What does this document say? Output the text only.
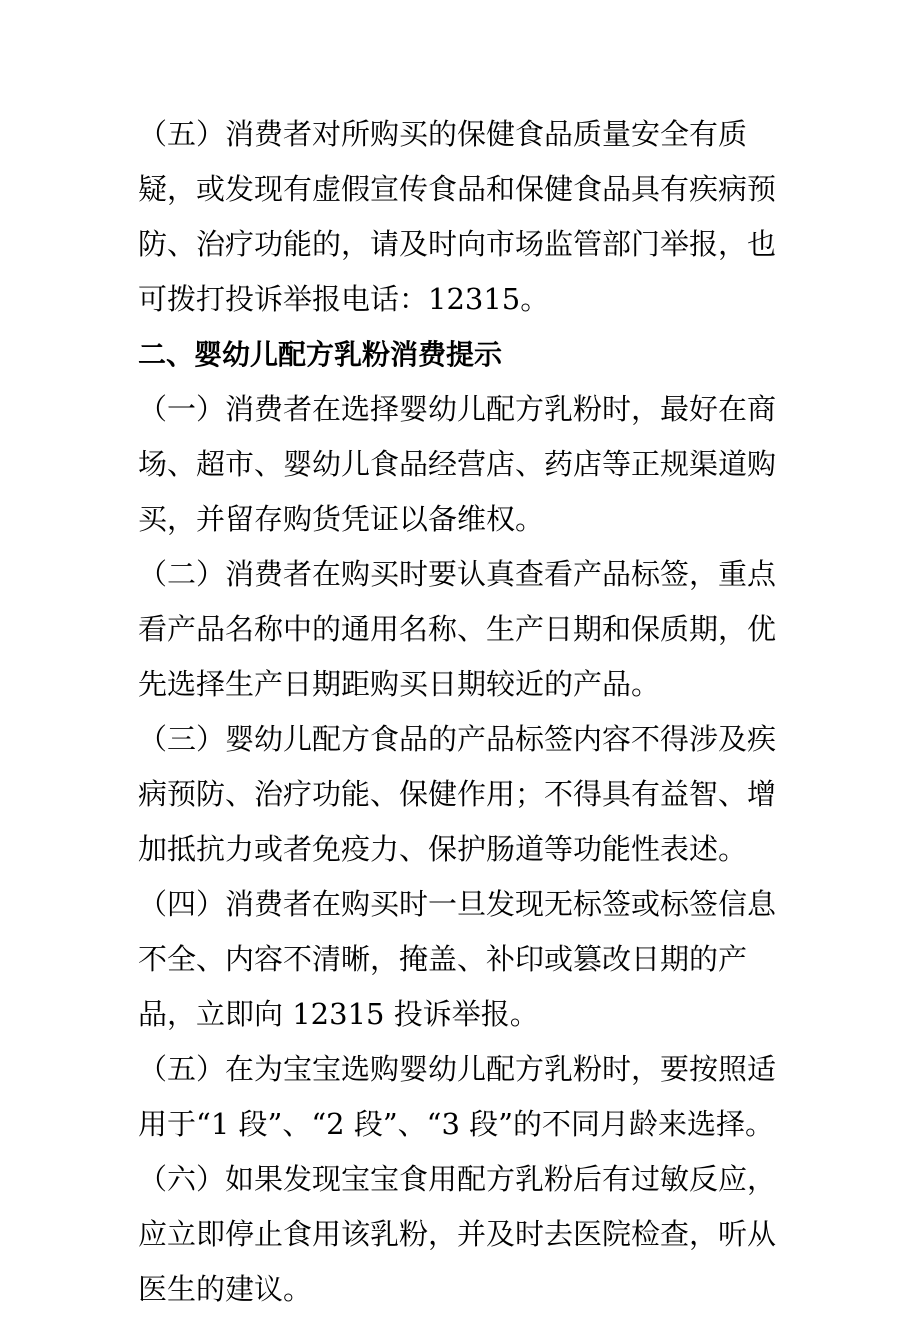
（五）消费者对所购买的保健食品质量安全有质疑，或发现有虚假宣传食品和保健食品具有疾病预防、治疗功能的，请及时向市场监管部门举报，也可拨打投诉举报电话：12315。

二、婴幼儿配方乳粉消费提示

（一）消费者在选择婴幼儿配方乳粉时，最好在商场、超市、婴幼儿食品经营店、药店等正规渠道购买，并留存购货凭证以备维权。

（二）消费者在购买时要认真查看产品标签，重点看产品名称中的通用名称、生产日期和保质期，优先选择生产日期距购买日期较近的产品。

（三）婴幼儿配方食品的产品标签内容不得涉及疾病预防、治疗功能、保健作用；不得具有益智、增加抵抗力或者免疫力、保护肠道等功能性表述。

（四）消费者在购买时一旦发现无标签或标签信息不全、内容不清晰，掩盖、补印或篡改日期的产品，立即向 12315 投诉举报。

（五）在为宝宝选购婴幼儿配方乳粉时，要按照适用于“1 段”、“2 段”、“3 段”的不同月龄来选择。

（六）如果发现宝宝食用配方乳粉后有过敏反应，应立即停止食用该乳粉，并及时去医院检查，听从医生的建议。
